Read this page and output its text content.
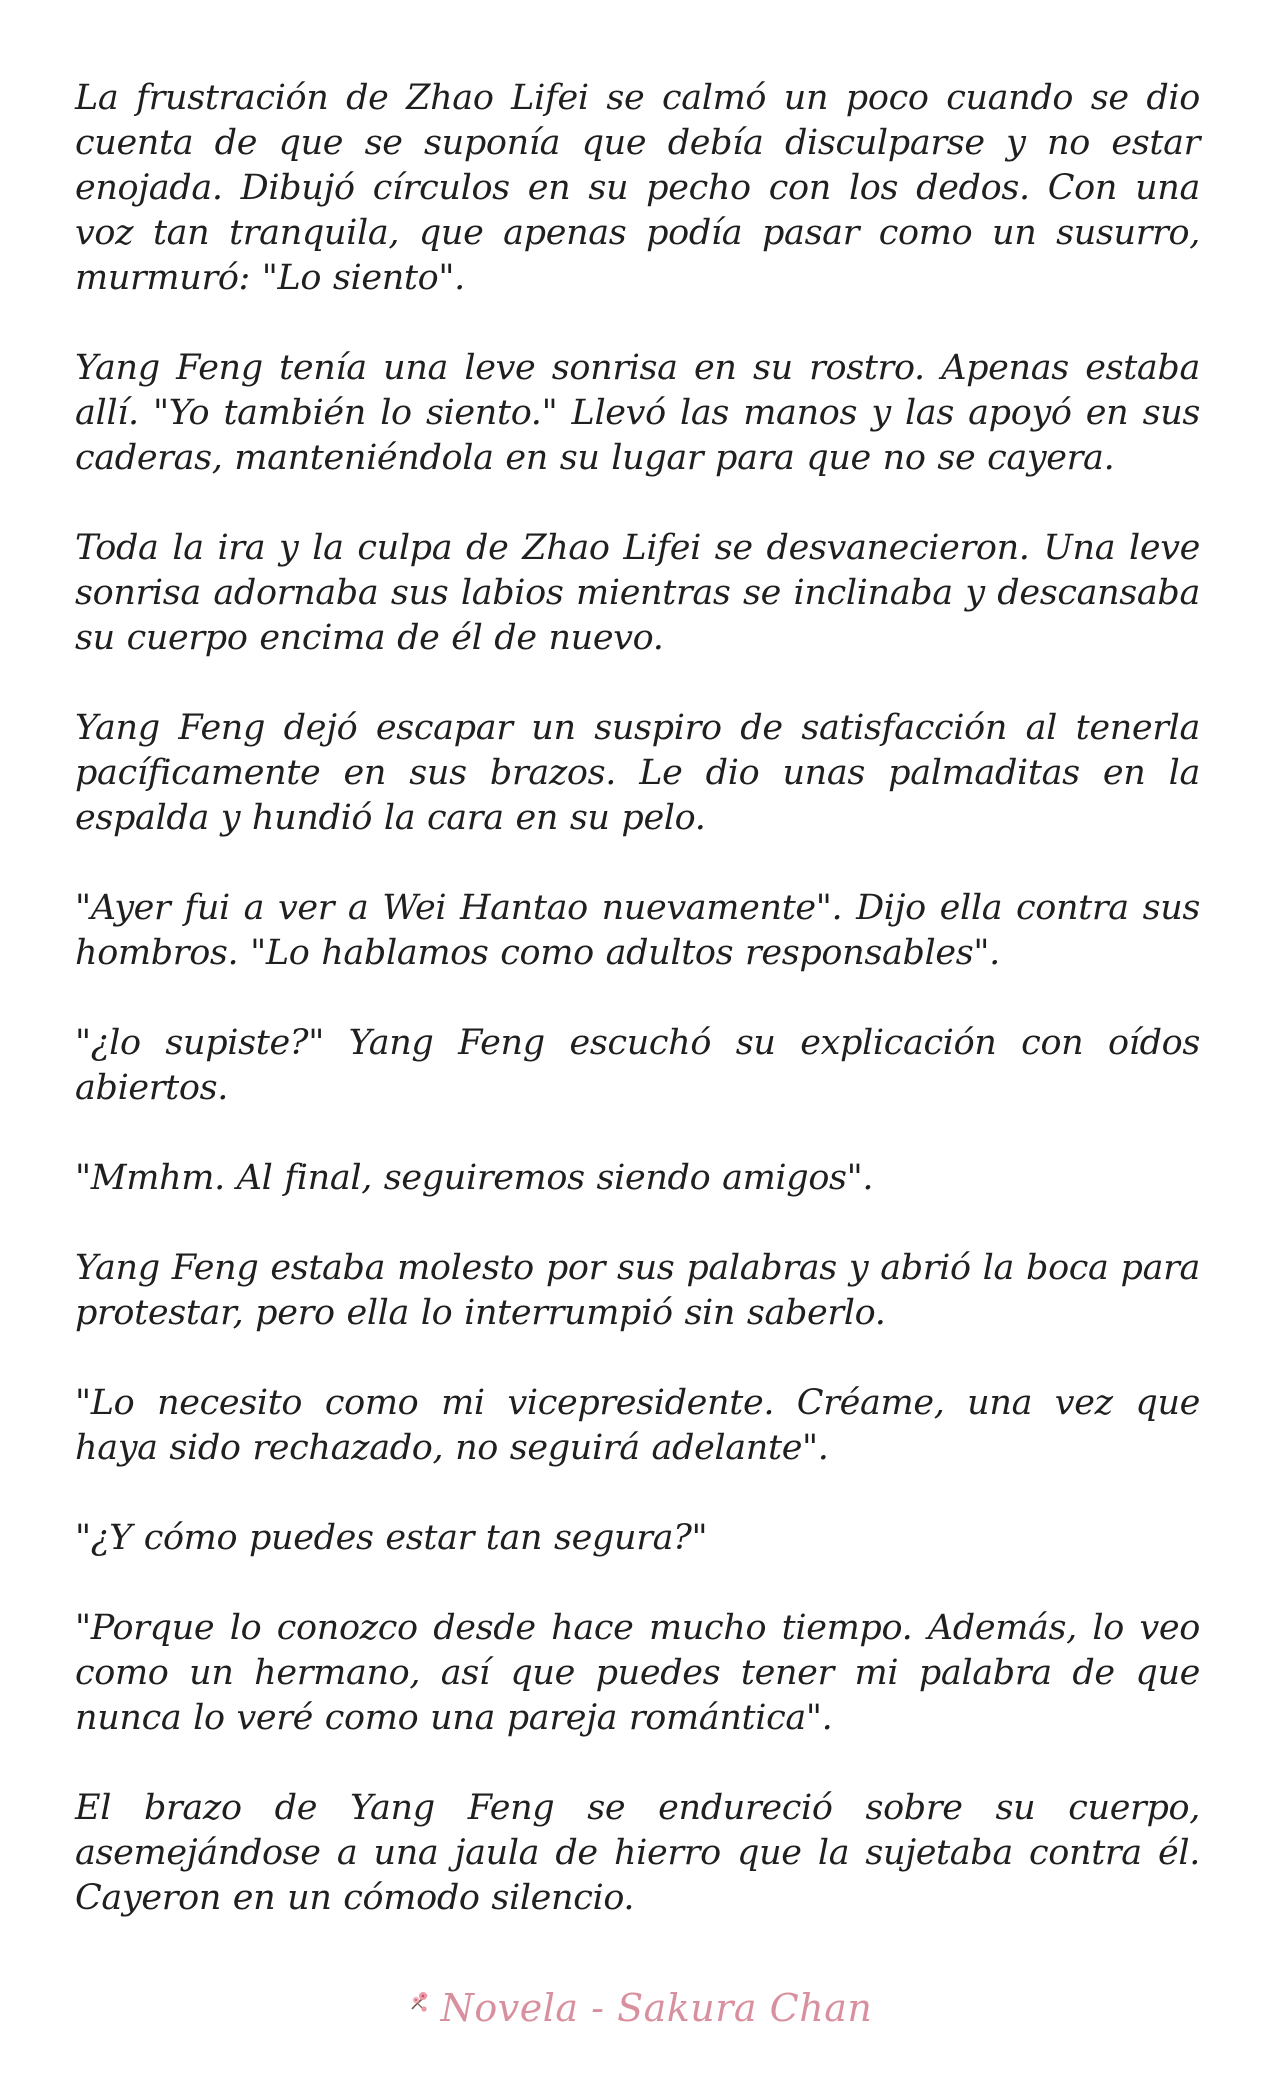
La frustración de Zhao Lifei se calmó un poco cuando se dio cuenta de que se suponía que debía disculparse y no estar enojada. Dibujó círculos en su pecho con los dedos. Con una voz tan tranquila, que apenas podía pasar como un susurro, murmuró: "Lo siento".

Yang Feng tenía una leve sonrisa en su rostro. Apenas estaba allí. "Yo también lo siento." Llevó las manos y las apoyó en sus caderas, manteniéndola en su lugar para que no se cayera.

Toda la ira y la culpa de Zhao Lifei se desvanecieron. Una leve sonrisa adornaba sus labios mientras se inclinaba y descansaba su cuerpo encima de él de nuevo.

Yang Feng dejó escapar un suspiro de satisfacción al tenerla pacíficamente en sus brazos. Le dio unas palmaditas en la espalda y hundió la cara en su pelo.

"Ayer fui a ver a Wei Hantao nuevamente". Dijo ella contra sus hombros. "Lo hablamos como adultos responsables".

"¿lo supiste?" Yang Feng escuchó su explicación con oídos abiertos.

"Mmhm. Al final, seguiremos siendo amigos".

Yang Feng estaba molesto por sus palabras y abrió la boca para protestar, pero ella lo interrumpió sin saberlo.

"Lo necesito como mi vicepresidente. Créame, una vez que haya sido rechazado, no seguirá adelante".

"¿Y cómo puedes estar tan segura?"

"Porque lo conozco desde hace mucho tiempo. Además, lo veo como un hermano, así que puedes tener mi palabra de que nunca lo veré como una pareja romántica".

El brazo de Yang Feng se endureció sobre su cuerpo, asemejándose a una jaula de hierro que la sujetaba contra él. Cayeron en un cómodo silencio.

Novela - Sakura Chan
